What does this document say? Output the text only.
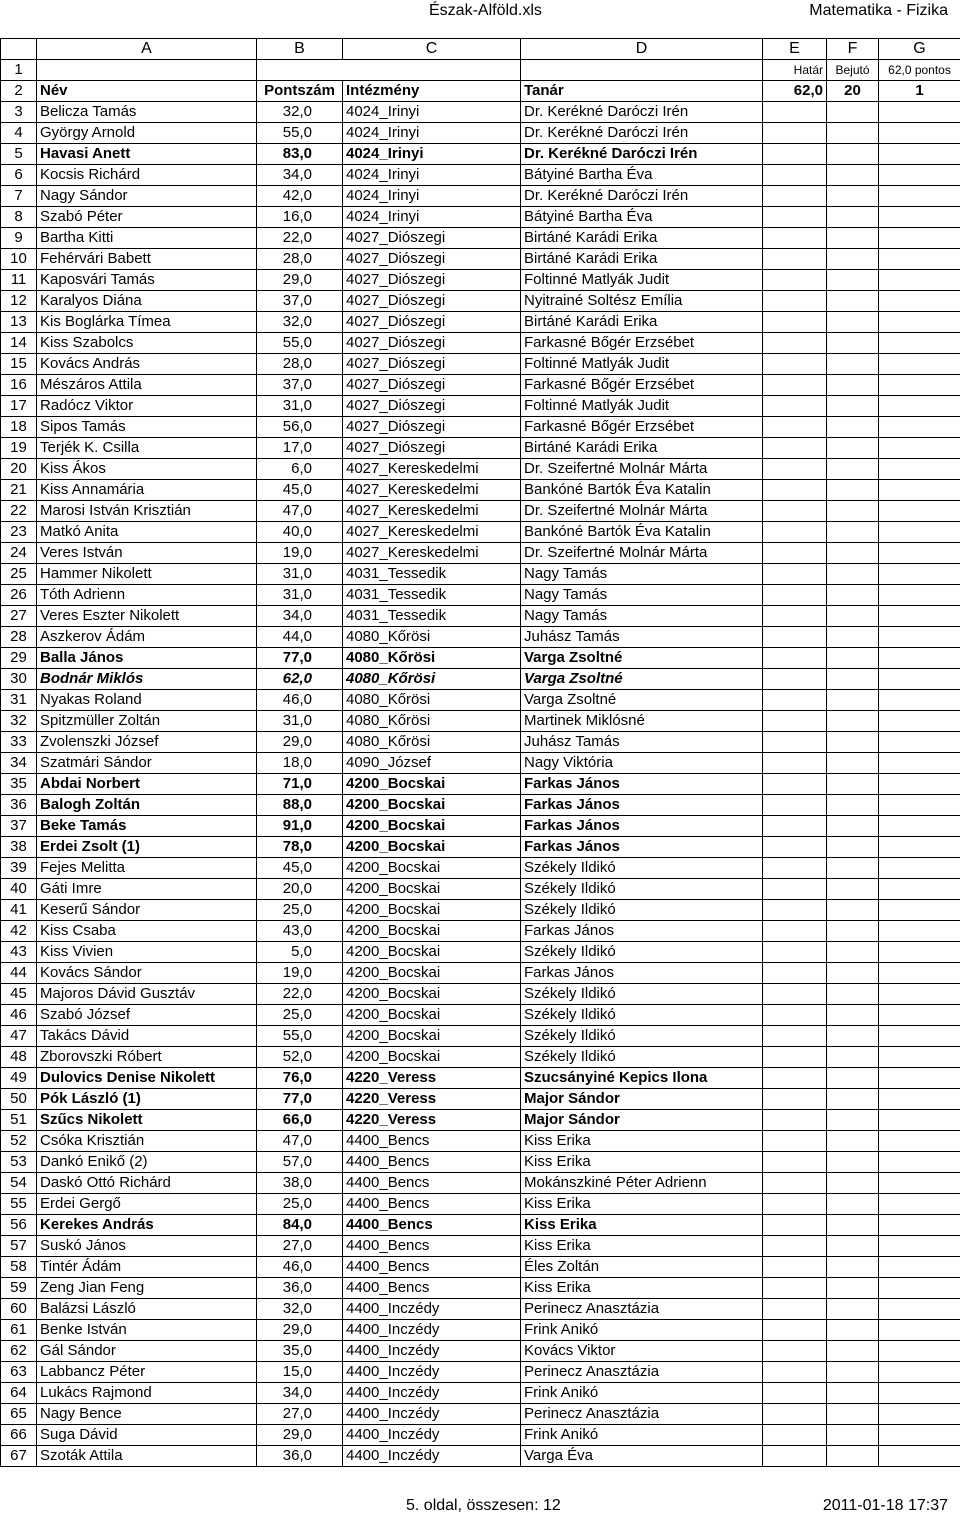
Észak-Alföld.xls	Matematika - Fizika
	A	B	C	D	E	F	G
1					Határ	Bejutó	62,0 pontos
2	Név	Pontszám	Intézmény	Tanár	62,0	20	1
3	Belicza Tamás	32,0	4024_Irinyi	Dr. Kerékné Daróczi Irén			
4	György Arnold	55,0	4024_Irinyi	Dr. Kerékné Daróczi Irén			
5	Havasi Anett	83,0	4024_Irinyi	Dr. Kerékné Daróczi Irén			
6	Kocsis Richárd	34,0	4024_Irinyi	Bátyiné Bartha Éva			
7	Nagy Sándor	42,0	4024_Irinyi	Dr. Kerékné Daróczi Irén			
8	Szabó Péter	16,0	4024_Irinyi	Bátyiné Bartha Éva			
9	Bartha Kitti	22,0	4027_Diószegi	Birtáné Karádi Erika			
10	Fehérvári Babett	28,0	4027_Diószegi	Birtáné Karádi Erika			
11	Kaposvári Tamás	29,0	4027_Diószegi	Foltinné Matlyák Judit			
12	Karalyos Diána	37,0	4027_Diószegi	Nyitrainé Soltész Emília			
13	Kis Boglárka Tímea	32,0	4027_Diószegi	Birtáné Karádi Erika			
14	Kiss Szabolcs	55,0	4027_Diószegi	Farkasné Bőgér Erzsébet			
15	Kovács András	28,0	4027_Diószegi	Foltinné Matlyák Judit			
16	Mészáros Attila	37,0	4027_Diószegi	Farkasné Bőgér Erzsébet			
17	Radócz Viktor	31,0	4027_Diószegi	Foltinné Matlyák Judit			
18	Sipos Tamás	56,0	4027_Diószegi	Farkasné Bőgér Erzsébet			
19	Terjék K. Csilla	17,0	4027_Diószegi	Birtáné Karádi Erika			
20	Kiss Ákos	6,0	4027_Kereskedelmi	Dr. Szeifertné Molnár Márta			
21	Kiss Annamária	45,0	4027_Kereskedelmi	Bankóné Bartók Éva Katalin			
22	Marosi István Krisztián	47,0	4027_Kereskedelmi	Dr. Szeifertné Molnár Márta			
23	Matkó Anita	40,0	4027_Kereskedelmi	Bankóné Bartók Éva Katalin			
24	Veres István	19,0	4027_Kereskedelmi	Dr. Szeifertné Molnár Márta			
25	Hammer Nikolett	31,0	4031_Tessedik	Nagy Tamás			
26	Tóth Adrienn	31,0	4031_Tessedik	Nagy Tamás			
27	Veres Eszter Nikolett	34,0	4031_Tessedik	Nagy Tamás			
28	Aszkerov Ádám	44,0	4080_Kőrösi	Juhász Tamás			
29	Balla János	77,0	4080_Kőrösi	Varga Zsoltné			
30	Bodnár Miklós	62,0	4080_Kőrösi	Varga Zsoltné			
31	Nyakas Roland	46,0	4080_Kőrösi	Varga Zsoltné			
32	Spitzmüller Zoltán	31,0	4080_Kőrösi	Martinek Miklósné			
33	Zvolenszki József	29,0	4080_Kőrösi	Juhász Tamás			
34	Szatmári Sándor	18,0	4090_József	Nagy Viktória			
35	Abdai Norbert	71,0	4200_Bocskai	Farkas János			
36	Balogh Zoltán	88,0	4200_Bocskai	Farkas János			
37	Beke Tamás	91,0	4200_Bocskai	Farkas János			
38	Erdei Zsolt (1)	78,0	4200_Bocskai	Farkas János			
39	Fejes Melitta	45,0	4200_Bocskai	Székely Ildikó			
40	Gáti Imre	20,0	4200_Bocskai	Székely Ildikó			
41	Keserű Sándor	25,0	4200_Bocskai	Székely Ildikó			
42	Kiss Csaba	43,0	4200_Bocskai	Farkas János			
43	Kiss Vivien	5,0	4200_Bocskai	Székely Ildikó			
44	Kovács Sándor	19,0	4200_Bocskai	Farkas János			
45	Majoros Dávid Gusztáv	22,0	4200_Bocskai	Székely Ildikó			
46	Szabó József	25,0	4200_Bocskai	Székely Ildikó			
47	Takács Dávid	55,0	4200_Bocskai	Székely Ildikó			
48	Zborovszki Róbert	52,0	4200_Bocskai	Székely Ildikó			
49	Dulovics Denise Nikolett	76,0	4220_Veress	Szucsányiné Kepics Ilona			
50	Pók László (1)	77,0	4220_Veress	Major Sándor			
51	Szűcs Nikolett	66,0	4220_Veress	Major Sándor			
52	Csóka Krisztián	47,0	4400_Bencs	Kiss Erika			
53	Dankó Enikő (2)	57,0	4400_Bencs	Kiss Erika			
54	Daskó Ottó Richárd	38,0	4400_Bencs	Mokánszkiné Péter Adrienn			
55	Erdei Gergő	25,0	4400_Bencs	Kiss Erika			
56	Kerekes András	84,0	4400_Bencs	Kiss Erika			
57	Suskó János	27,0	4400_Bencs	Kiss Erika			
58	Tintér Ádám	46,0	4400_Bencs	Éles Zoltán			
59	Zeng Jian Feng	36,0	4400_Bencs	Kiss Erika			
60	Balázsi László	32,0	4400_Inczédy	Perinecz Anasztázia			
61	Benke István	29,0	4400_Inczédy	Frink Anikó			
62	Gál Sándor	35,0	4400_Inczédy	Kovács Viktor			
63	Labbancz Péter	15,0	4400_Inczédy	Perinecz Anasztázia			
64	Lukács Rajmond	34,0	4400_Inczédy	Frink Anikó			
65	Nagy Bence	27,0	4400_Inczédy	Perinecz Anasztázia			
66	Suga Dávid	29,0	4400_Inczédy	Frink Anikó			
67	Szoták Attila	36,0	4400_Inczédy	Varga Éva			
5. oldal, összesen: 12	2011-01-18 17:37
